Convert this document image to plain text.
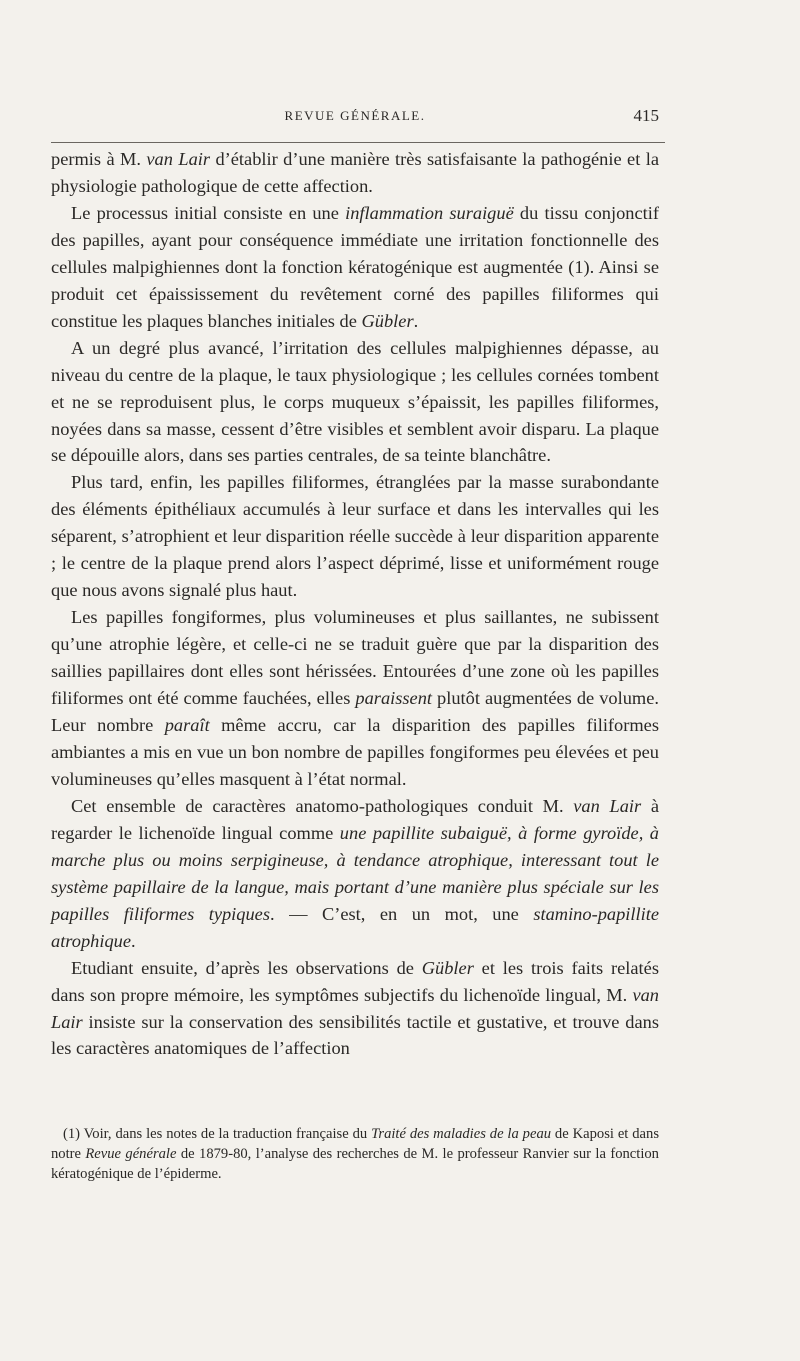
REVUE GÉNÉRALE.	415

permis à M. van Lair d’établir d’une manière très satisfaisante la pathogénie et la physiologie pathologique de cette affection.

Le processus initial consiste en une inflammation suraiguë du tissu conjonctif des papilles, ayant pour conséquence immédiate une irritation fonctionnelle des cellules malpighiennes dont la fonction kératogénique est augmentée (1). Ainsi se produit cet épaississement du revêtement corné des papilles filiformes qui constitue les plaques blanches initiales de Gübler.

A un degré plus avancé, l’irritation des cellules malpighiennes dépasse, au niveau du centre de la plaque, le taux physiologique ; les cellules cornées tombent et ne se reproduisent plus, le corps muqueux s’épaissit, les papilles filiformes, noyées dans sa masse, cessent d’être visibles et semblent avoir disparu. La plaque se dépouille alors, dans ses parties centrales, de sa teinte blanchâtre.

Plus tard, enfin, les papilles filiformes, étranglées par la masse surabondante des éléments épithéliaux accumulés à leur surface et dans les intervalles qui les séparent, s’atrophient et leur disparition réelle succède à leur disparition apparente ; le centre de la plaque prend alors l’aspect déprimé, lisse et uniformément rouge que nous avons signalé plus haut.

Les papilles fongiformes, plus volumineuses et plus saillantes, ne subissent qu’une atrophie légère, et celle-ci ne se traduit guère que par la disparition des saillies papillaires dont elles sont hérissées. Entourées d’une zone où les papilles filiformes ont été comme fauchées, elles paraissent plutôt augmentées de volume. Leur nombre paraît même accru, car la disparition des papilles filiformes ambiantes a mis en vue un bon nombre de papilles fongiformes peu élevées et peu volumineuses qu’elles masquent à l’état normal.

Cet ensemble de caractères anatomo-pathologiques conduit M. van Lair à regarder le lichenoïde lingual comme une papillite subaiguë, à forme gyroïde, à marche plus ou moins serpigineuse, à tendance atrophique, interessant tout le système papillaire de la langue, mais portant d’une manière plus spéciale sur les papilles filiformes typiques. — C’est, en un mot, une stamino-papillite atrophique.

Etudiant ensuite, d’après les observations de Gübler et les trois faits relatés dans son propre mémoire, les symptômes subjectifs du lichenoïde lingual, M. van Lair insiste sur la conservation des sensibilités tactile et gustative, et trouve dans les caractères anatomiques de l’affection

(1) Voir, dans les notes de la traduction française du Traité des maladies de la peau de Kaposi et dans notre Revue générale de 1879-80, l’analyse des recherches de M. le professeur Ranvier sur la fonction kératogénique de l’épiderme.
